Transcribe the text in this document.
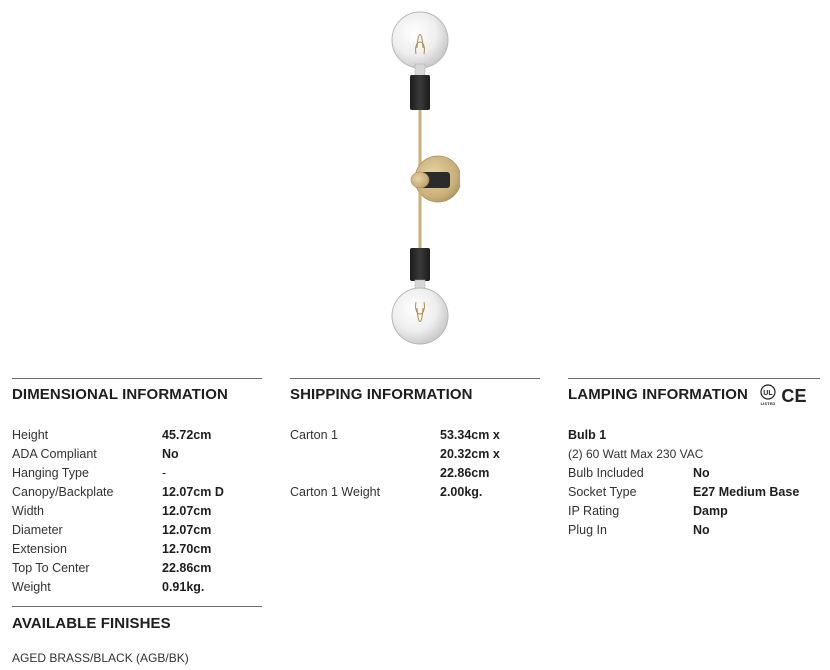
DIMENSIONAL INFORMATION
Height	45.72cm
ADA Compliant	No
Hanging Type	-
Canopy/Backplate	12.07cm D
Width	12.07cm
Diameter	12.07cm
Extension	12.70cm
Top To Center	22.86cm
Weight	0.91kg.
SHIPPING INFORMATION
Carton 1	53.34cm x 20.32cm x 22.86cm
Carton 1 Weight	2.00kg.
LAMPING INFORMATION UL
LISTED CE
Bulb 1
(2) 60 Watt Max 230 VAC
Bulb Included	No
Socket Type	E27 Medium Base
IP Rating	Damp
Plug In	No
AVAILABLE FINISHES
AGED BRASS/BLACK (AGB/BK)
